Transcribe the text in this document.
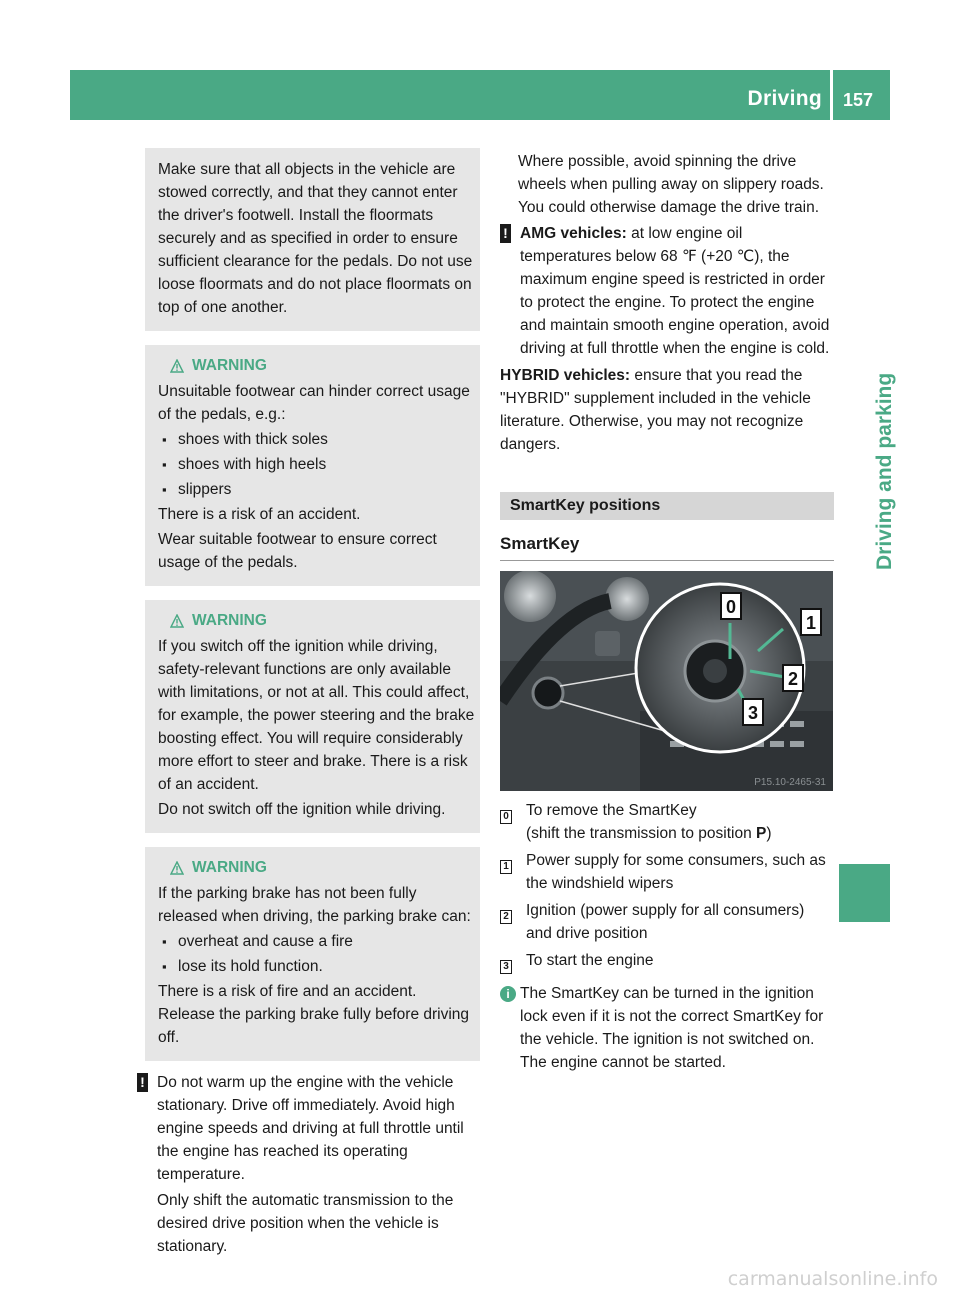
Driving 157
Driving and parking

Make sure that all objects in the vehicle are stowed correctly, and that they cannot enter the driver's footwell. Install the floormats securely and as specified in order to ensure sufficient clearance for the pedals. Do not use loose floormats and do not place floormats on top of one another.

WARNING

Unsuitable footwear can hinder correct usage of the pedals, e.g.:

▪ shoes with thick soles
▪ shoes with high heels
▪ slippers

There is a risk of an accident.

Wear suitable footwear to ensure correct usage of the pedals.

WARNING

If you switch off the ignition while driving, safety-relevant functions are only available with limitations, or not at all. This could affect, for example, the power steering and the brake boosting effect. You will require considerably more effort to steer and brake. There is a risk of an accident.

Do not switch off the ignition while driving.

WARNING

If the parking brake has not been fully released when driving, the parking brake can:

▪ overheat and cause a fire
▪ lose its hold function.

There is a risk of fire and an accident. Release the parking brake fully before driving off.

! Do not warm up the engine with the vehicle stationary. Drive off immediately. Avoid high engine speeds and driving at full throttle until the engine has reached its operating temperature.

Only shift the automatic transmission to the desired drive position when the vehicle is stationary.

Where possible, avoid spinning the drive wheels when pulling away on slippery roads. You could otherwise damage the drive train.

! AMG vehicles: at low engine oil temperatures below 68 ℉ (+20 ℃), the maximum engine speed is restricted in order to protect the engine. To protect the engine and maintain smooth engine operation, avoid driving at full throttle when the engine is cold.

HYBRID vehicles: ensure that you read the "HYBRID" supplement included in the vehicle literature. Otherwise, you may not recognize dangers.

SmartKey positions
SmartKey
0
1
2
3
P15.10-2465-31
0	To remove the SmartKey

(shift the transmission to position P)

1	Power supply for some consumers, such as the windshield wipers

2	Ignition (power supply for all consumers) and drive position

3	To start the engine

i The SmartKey can be turned in the ignition lock even if it is not the correct SmartKey for the vehicle. The ignition is not switched on. The engine cannot be started.

carmanualsonline.info
